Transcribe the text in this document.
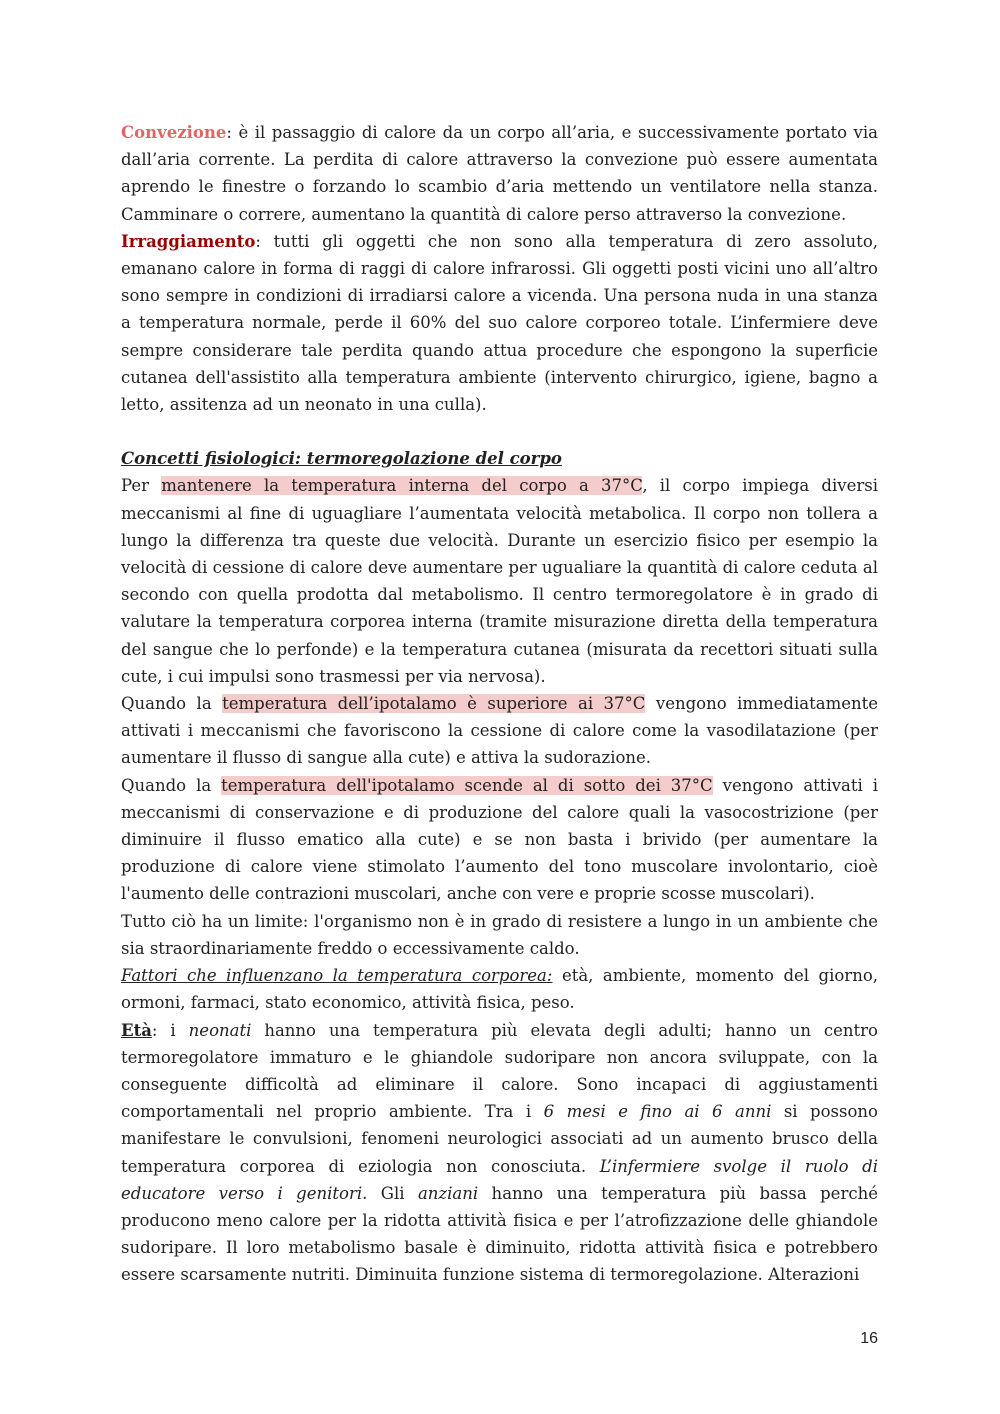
Convezione: è il passaggio di calore da un corpo all’aria, e successivamente portato via dall’aria corrente. La perdita di calore attraverso la convezione può essere aumentata aprendo le finestre o forzando lo scambio d’aria mettendo un ventilatore nella stanza. Camminare o correre, aumentano la quantità di calore perso attraverso la convezione.

Irraggiamento: tutti gli oggetti che non sono alla temperatura di zero assoluto, emanano calore in forma di raggi di calore infrarossi. Gli oggetti posti vicini uno all’altro sono sempre in condizioni di irradiarsi calore a vicenda. Una persona nuda in una stanza a temperatura normale, perde il 60% del suo calore corporeo totale. L’infermiere deve sempre considerare tale perdita quando attua procedure che espongono la superficie cutanea dell'assistito alla temperatura ambiente (intervento chirurgico, igiene, bagno a letto, assitenza ad un neonato in una culla).

Concetti fisiologici: termoregolazione del corpo

Per mantenere la temperatura interna del corpo a 37°C, il corpo impiega diversi meccanismi al fine di uguagliare l’aumentata velocità metabolica. Il corpo non tollera a lungo la differenza tra queste due velocità. Durante un esercizio fisico per esempio la velocità di cessione di calore deve aumentare per ugualiare la quantità di calore ceduta al secondo con quella prodotta dal metabolismo. Il centro termoregolatore è in grado di valutare la temperatura corporea interna (tramite misurazione diretta della temperatura del sangue che lo perfonde) e la temperatura cutanea (misurata da recettori situati sulla cute, i cui impulsi sono trasmessi per via nervosa).

Quando la temperatura dell’ipotalamo è superiore ai 37°C vengono immediatamente attivati i meccanismi che favoriscono la cessione di calore come la vasodilatazione (per aumentare il flusso di sangue alla cute) e attiva la sudorazione.

Quando la temperatura dell'ipotalamo scende al di sotto dei 37°C vengono attivati i meccanismi di conservazione e di produzione del calore quali la vasocostrizione (per diminuire il flusso ematico alla cute) e se non basta i brivido (per aumentare la produzione di calore viene stimolato l’aumento del tono muscolare involontario, cioè l'aumento delle contrazioni muscolari, anche con vere e proprie scosse muscolari).

Tutto ciò ha un limite: l'organismo non è in grado di resistere a lungo in un ambiente che sia straordinariamente freddo o eccessivamente caldo.

Fattori che influenzano la temperatura corporea: età, ambiente, momento del giorno, ormoni, farmaci, stato economico, attività fisica, peso.

Età: i neonati hanno una temperatura più elevata degli adulti; hanno un centro termoregolatore immaturo e le ghiandole sudoripare non ancora sviluppate, con la conseguente difficoltà ad eliminare il calore. Sono incapaci di aggiustamenti comportamentali nel proprio ambiente. Tra i 6 mesi e fino ai 6 anni si possono manifestare le convulsioni, fenomeni neurologici associati ad un aumento brusco della temperatura corporea di eziologia non conosciuta. L’infermiere svolge il ruolo di educatore verso i genitori. Gli anziani hanno una temperatura più bassa perché producono meno calore per la ridotta attività fisica e per l’atrofizzazione delle ghiandole sudoripare. Il loro metabolismo basale è diminuito, ridotta attività fisica e potrebbero essere scarsamente nutriti. Diminuita funzione sistema di termoregolazione. Alterazioni

16
